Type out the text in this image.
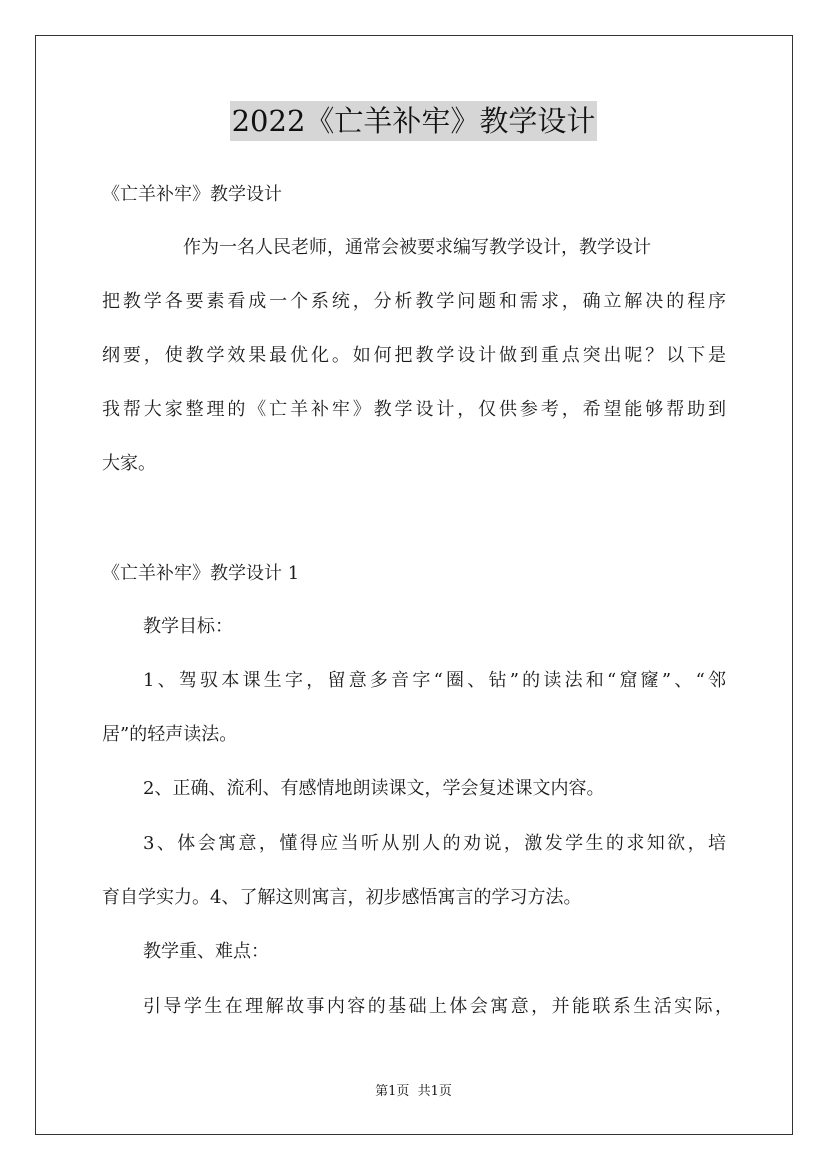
2022《亡羊补牢》教学设计
《亡羊补牢》教学设计
作为一名人民老师，通常会被要求编写教学设计，教学设计
把教学各要素看成一个系统，分析教学问题和需求，确立解决的程序
纲要，使教学效果最优化。如何把教学设计做到重点突出呢？以下是
我帮大家整理的《亡羊补牢》教学设计，仅供参考，希望能够帮助到
大家。
《亡羊补牢》教学设计 1
教学目标：
1、驾驭本课生字，留意多音字“圈、钻”的读法和“窟窿”、“邻
居”的轻声读法。
2、正确、流利、有感情地朗读课文，学会复述课文内容。
3、体会寓意，懂得应当听从别人的劝说，激发学生的求知欲，培
育自学实力。4、了解这则寓言，初步感悟寓言的学习方法。
教学重、难点：
引导学生在理解故事内容的基础上体会寓意，并能联系生活实际，
第1页 共1页
